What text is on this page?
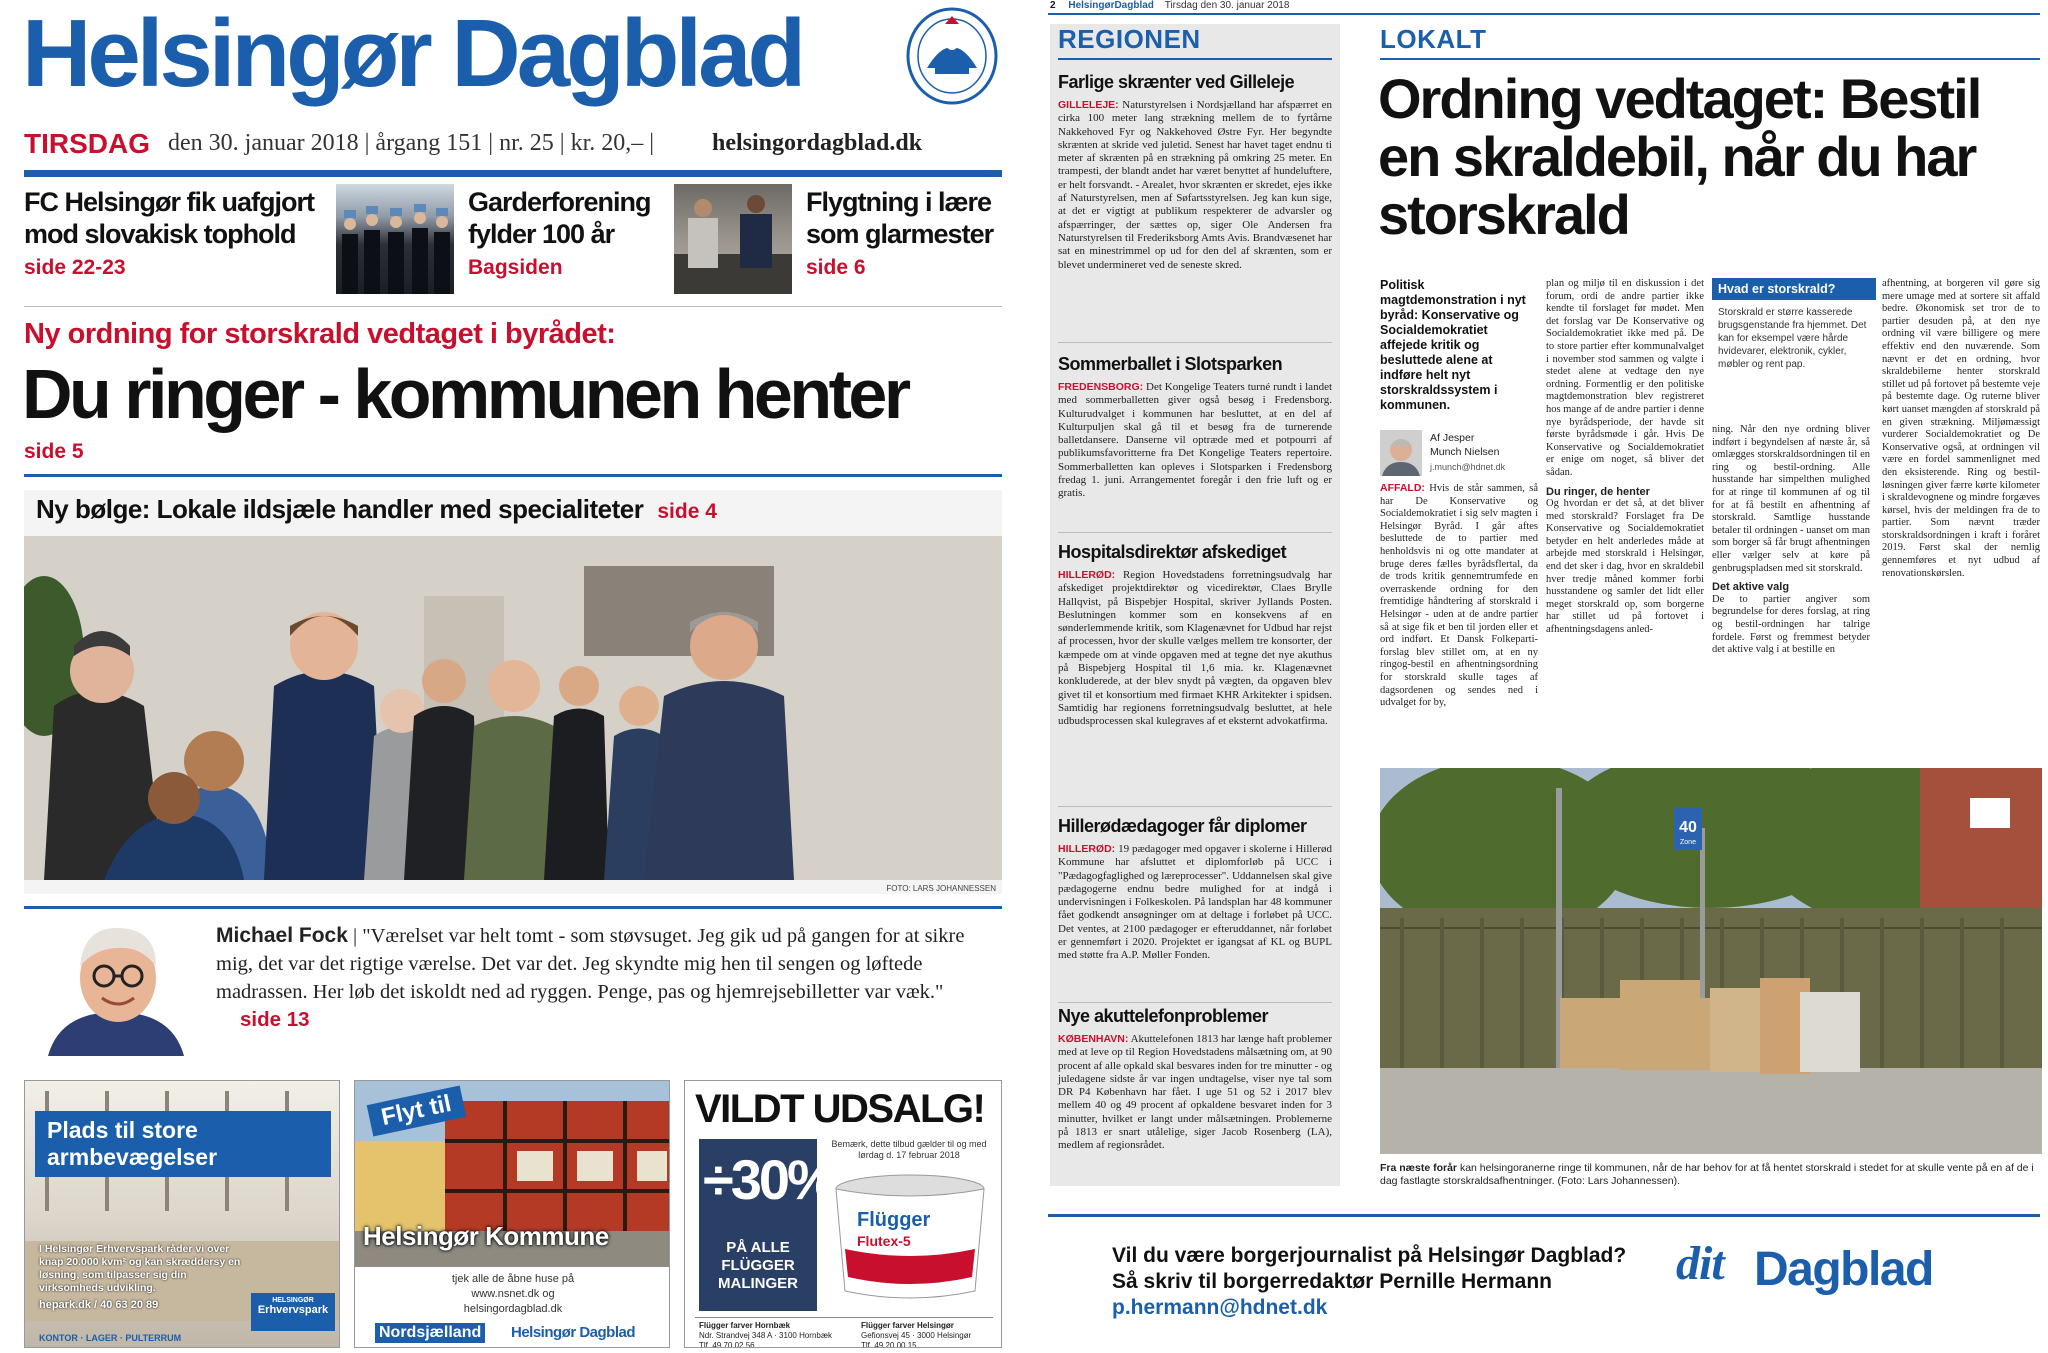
Helsingør Dagblad
TIRSDAG den 30. januar 2018 | årgang 151 | nr. 25 | kr. 20,– | helsingordagblad.dk
FC Helsingør fik uafgjort mod slovakisk tophold
side 22-23
Garderforening fylder 100 år
Bagsiden
Flygtning i lære som glarmester
side 6
Ny ordning for storskrald vedtaget i byrådet:
Du ringer - kommunen henter
side 5
Ny bølge: Lokale ildsjæle handler med specialiteter side 4
FOTO: LARS JOHANNESSEN
Michael Fock | "Værelset var helt tomt - som støvsuget. Jeg gik ud på gangen for at sikre mig, det var det rigtige værelse. Det var det. Jeg skyndte mig hen til sengen og løftede madrassen. Her løb det iskoldt ned ad ryggen. Penge, pas og hjemrejsebilletter var væk." side 13
Plads til store armbevægelser
I Helsingør Erhvervspark råder vi over knap 20.000 kvm² og kan skræddersy en løsning, som tilpasser sig din virksomheds udvikling.
hepark.dk / 40 63 20 89	HELSINGØR
Erhvervspark
KONTOR · LAGER · PULTERRUM
Flyt til
Helsingør Kommune
tjek alle de åbne huse på
www.nsnet.dk og
helsingordagblad.dk
Nordsjælland Helsingør Dagblad
VILDT UDSALG!
÷30%
PÅ ALLE FLÜGGER MALINGER
Bemærk, dette tilbud gælder til og med lørdag d. 17 februar 2018
Flügger
Flutex-5
Flügger farver Hornbæk
Ndr. Strandvej 348 A · 3100 Hornbæk
Tlf. 49 70 02 56
Flügger farver Helsingør
Gefionsvej 45 · 3000 Helsingør
Tlf. 49 20 00 15
2 HelsingørDagblad Tirsdag den 30. januar 2018
REGIONEN
Farlige skrænter ved Gilleleje
GILLELEJE: Naturstyrelsen i Nordsjælland har afspærret en cirka 100 meter lang strækning mellem de to fyrtårne Nakkehoved Fyr og Nakkehoved Østre Fyr. Her begyndte skrænten at skride ved juletid. Senest har havet taget endnu ti meter af skrænten på en strækning på omkring 25 meter. En trampesti, der blandt andet har været benyttet af hundeluftere, er helt forsvandt. - Arealet, hvor skrænten er skredet, ejes ikke af Naturstyrelsen, men af Søfartsstyrelsen. Jeg kan kun sige, at det er vigtigt at publikum respekterer de advarsler og afspærringer, der sættes op, siger Ole Andersen fra Naturstyrelsen til Frederiksborg Amts Avis. Brandvæsenet har sat en minestrimmel op ud for den del af skrænten, som er blevet undermineret ved de seneste skred.
Sommerballet i Slotsparken
FREDENSBORG: Det Kongelige Teaters turné rundt i landet med sommerballetten giver også besøg i Fredensborg. Kulturudvalget i kommunen har besluttet, at en del af Kulturpuljen skal gå til et besøg fra de turnerende balletdansere. Danserne vil optræde med et potpourri af publikumsfavoritterne fra Det Kongelige Teaters repertoire. Sommerballetten kan opleves i Slotsparken i Fredensborg fredag 1. juni. Arrangementet foregår i den frie luft og er gratis.
Hospitalsdirektør afskediget
HILLERØD: Region Hovedstadens forretningsudvalg har afskediget projektdirektør og vicedirektør, Claes Brylle Hallqvist, på Bispebjer Hospital, skriver Jyllands Posten. Beslutningen kommer som en konsekvens af en sønderlemmende kritik, som Klagenævnet for Udbud har rejst af processen, hvor der skulle vælges mellem tre konsorter, der kæmpede om at vinde opgaven med at tegne det nye akuthus på Bispebjerg Hospital til 1,6 mia. kr. Klagenævnet konkluderede, at der blev snydt på vægten, da opgaven blev givet til et konsortium med firmaet KHR Arkitekter i spidsen. Samtidig har regionens forretningsudvalg besluttet, at hele udbudsprocessen skal kulegraves af et eksternt advokatfirma.
Hillerødædagoger får diplomer
HILLERØD: 19 pædagoger med opgaver i skolerne i Hillerød Kommune har afsluttet et diplomforløb på UCC i "Pædagogfaglighed og læreprocesser". Uddannelsen skal give pædagogerne endnu bedre mulighed for at indgå i undervisningen i Folkeskolen. På landsplan har 48 kommuner fået godkendt ansøgninger om at deltage i forløbet på UCC. Det ventes, at 2100 pædagoger er efteruddannet, når forløbet er gennemført i 2020. Projektet er igangsat af KL og BUPL med støtte fra A.P. Møller Fonden.
Nye akuttelefonproblemer
KØBENHAVN: Akuttelefonen 1813 har længe haft problemer med at leve op til Region Hovedstadens målsætning om, at 90 procent af alle opkald skal besvares inden for tre minutter - og juledagene sidste år var ingen undtagelse, viser nye tal som DR P4 København har fået. I uge 51 og 52 i 2017 blev mellem 40 og 49 procent af opkaldene besvaret inden for 3 minutter, hvilket er langt under målsætningen. Problemerne på 1813 er snart utålelige, siger Jacob Rosenberg (LA), medlem af regionsrådet.
LOKALT
Ordning vedtaget: Bestil en skraldebil, når du har storskrald
Politisk magtdemonstration i nyt byråd: Konservative og Socialdemokratiet affejede kritik og besluttede alene at indføre helt nyt storskraldssystem i kommunen.
Af Jesper
Munch Nielsen
j.munch@hdnet.dk
AFFALD: Hvis de står sammen, så har De Konservative og Socialdemokratiet i sig selv magten i Helsingør Byråd. I går aftes besluttede de to partier med henholdsvis ni og otte mandater at bruge deres fælles byrådsflertal, da de trods kritik gennemtrumfede en overraskende ordning for den fremtidige håndtering af storskrald i Helsingør - uden at de andre partier så at sige fik et ben til jorden eller et ord indført. Et Dansk Folkeparti-forslag blev stillet om, at en ny ringog-bestil en afhentningsordning for storskrald skulle tages af dagsordenen og sendes ned i udvalget for by,
plan og miljø til en diskussion i det forum, ordi de andre partier ikke kendte til forslaget før mødet. Men det forslag var De Konservative og Socialdemokratiet ikke med på. De to store partier efter kommunalvalget i november stod sammen og valgte i stedet alene at vedtage den nye ordning. Formentlig er den politiske magtdemonstration blev registreret hos mange af de andre partier i denne nye byrådsperiode, der havde sit første byrådsmøde i går. Hvis De Konservative og Socialdemokratiet er enige om noget, så bliver det sådan.
Du ringer, de henter
Og hvordan er det så, at det bliver med storskrald? Forslaget fra De Konservative og Socialdemokratiet betyder en helt anderledes måde at arbejde med storskrald i Helsingør, end det sker i dag, hvor en skraldebil hver tredje måned kommer forbi husstandene og samler det lidt eller meget storskrald op, som borgerne har stillet ud på fortovet i afhentningsdagens anled-
Hvad er storskrald?
Storskrald er større kasserede brugsgenstande fra hjemmet. Det kan for eksempel være hårde hvidevarer, elektronik, cykler, møbler og rent pap.
ning. Når den nye ordning bliver indført i begyndelsen af næste år, så omlægges storskraldsordningen til en ring og bestil-ordning. Alle husstande har simpelthen mulighed for at ringe til kommunen af og til for at få bestilt en afhentning af storskrald. Samtlige husstande betaler til ordningen - uanset om man som borger så får brugt afhentningen eller vælger selv at køre på genbrugspladsen med sit storskrald.
Det aktive valg
De to partier angiver som begrundelse for deres forslag, at ring og bestil-ordningen har talrige fordele. Først og fremmest betyder det aktive valg i at bestille en
afhentning, at borgeren vil gøre sig mere umage med at sortere sit affald bedre. Økonomisk set tror de to partier desuden på, at den nye ordning vil være billigere og mere effektiv end den nuværende. Som nævnt er det en ordning, hvor skraldebilerne henter storskrald stillet ud på fortovet på bestemte veje på bestemte dage. Og ruterne bliver kørt uanset mængden af storskrald på en given strækning. Miljømæssigt vurderer Socialdemokratiet og De Konservative også, at ordningen vil være en fordel sammenlignet med den eksisterende. Ring og bestil-løsningen giver færre kørte kilometer i skraldevognene og mindre forgæves kørsel, hvis der meldingen fra de to partier. Som nævnt træder storskraldsordningen i kraft i foråret 2019. Først skal der nemlig gennemføres et nyt udbud af renovationskørslen.
40
Zone
Fra næste forår kan helsingoranerne ringe til kommunen, når de har behov for at få hentet storskrald i stedet for at skulle vente på en af de i dag fastlagte storskraldsafhentninger. (Foto: Lars Johannessen).
Vil du være borgerjournalist på Helsingør Dagblad?
Så skriv til borgerredaktør Pernille Hermann
p.hermann@hdnet.dk
dit Dagblad
